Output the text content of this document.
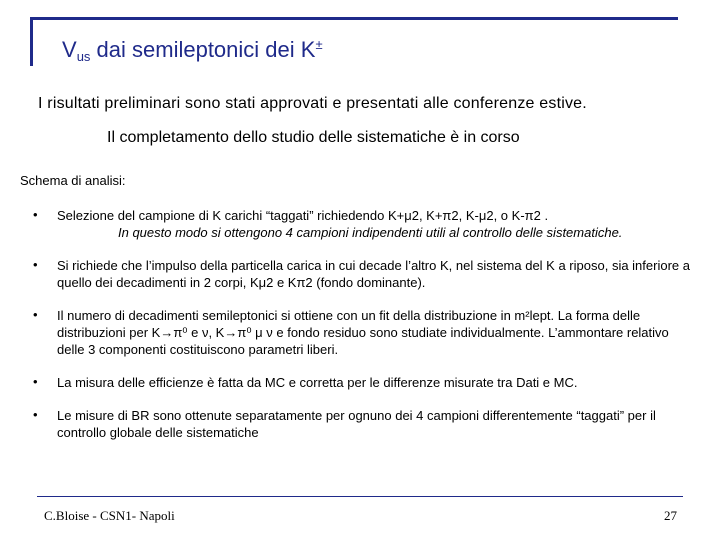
$V_{us}$ dai semileptonici dei K±
I risultati preliminari sono stati approvati e presentati alle conferenze estive.
Il completamento dello studio delle sistematiche è in corso
Schema di analisi:
• Selezione del campione di K carichi “taggati” richiedendo K+μ2, K+π2, K-μ2, o K-π2 .
In questo modo si ottengono 4 campioni indipendenti utili al controllo delle sistematiche.
• Si richiede che l’impulso della particella carica in cui decade l’altro K, nel sistema del K a riposo, sia inferiore a quello dei decadimenti in 2 corpi, Kμ2 e Kπ2 (fondo dominante).
• Il numero di decadimenti semileptonici si ottiene con un fit della distribuzione in m²lept. La forma delle distribuzioni per K→π⁰ e ν, K→π⁰ μ ν e fondo residuo sono studiate individualmente. L’ammontare relativo delle 3 componenti costituiscono parametri liberi.
• La misura delle efficienze è fatta da MC e corretta per le differenze misurate tra Dati e MC.
• Le misure di BR sono ottenute separatamente per ognuno dei 4 campioni differentemente “taggati” per il controllo globale delle sistematiche
C.Bloise - CSN1- Napoli	27
